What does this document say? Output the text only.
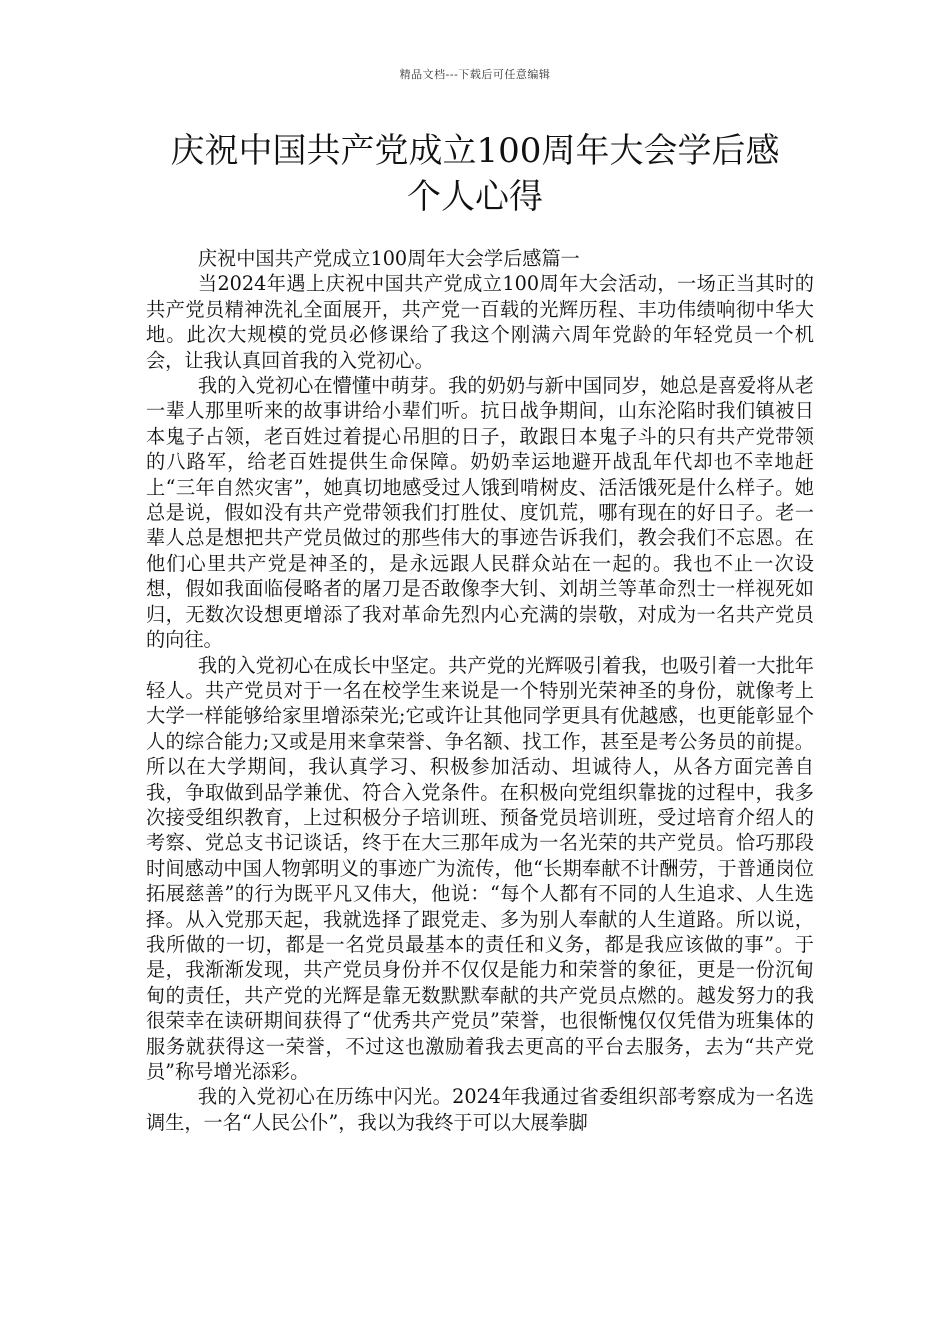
精品文档---下载后可任意编辑
庆祝中国共产党成立100周年大会学后感
个人心得

庆祝中国共产党成立100周年大会学后感篇一

当2024年遇上庆祝中国共产党成立100周年大会活动，一场正当其时的共产党员精神洗礼全面展开，共产党一百载的光辉历程、丰功伟绩响彻中华大地。此次大规模的党员必修课给了我这个刚满六周年党龄的年轻党员一个机会，让我认真回首我的入党初心。

我的入党初心在懵懂中萌芽。我的奶奶与新中国同岁，她总是喜爱将从老一辈人那里听来的故事讲给小辈们听。抗日战争期间，山东沦陷时我们镇被日本鬼子占领，老百姓过着提心吊胆的日子，敢跟日本鬼子斗的只有共产党带领的八路军，给老百姓提供生命保障。奶奶幸运地避开战乱年代却也不幸地赶上“三年自然灾害”，她真切地感受过人饿到啃树皮、活活饿死是什么样子。她总是说，假如没有共产党带领我们打胜仗、度饥荒，哪有现在的好日子。老一辈人总是想把共产党员做过的那些伟大的事迹告诉我们，教会我们不忘恩。在他们心里共产党是神圣的，是永远跟人民群众站在一起的。我也不止一次设想，假如我面临侵略者的屠刀是否敢像李大钊、刘胡兰等革命烈士一样视死如归，无数次设想更增添了我对革命先烈内心充满的崇敬，对成为一名共产党员的向往。

我的入党初心在成长中坚定。共产党的光辉吸引着我，也吸引着一大批年轻人。共产党员对于一名在校学生来说是一个特别光荣神圣的身份，就像考上大学一样能够给家里增添荣光;它或许让其他同学更具有优越感，也更能彰显个人的综合能力;又或是用来拿荣誉、争名额、找工作，甚至是考公务员的前提。所以在大学期间，我认真学习、积极参加活动、坦诚待人，从各方面完善自我，争取做到品学兼优、符合入党条件。在积极向党组织靠拢的过程中，我多次接受组织教育，上过积极分子培训班、预备党员培训班，受过培育介绍人的考察、党总支书记谈话，终于在大三那年成为一名光荣的共产党员。恰巧那段时间感动中国人物郭明义的事迹广为流传，他“长期奉献不计酬劳，于普通岗位拓展慈善”的行为既平凡又伟大，他说：“每个人都有不同的人生追求、人生选择。从入党那天起，我就选择了跟党走、多为别人奉献的人生道路。所以说，我所做的一切，都是一名党员最基本的责任和义务，都是我应该做的事”。于是，我渐渐发现，共产党员身份并不仅仅是能力和荣誉的象征，更是一份沉甸甸的责任，共产党的光辉是靠无数默默奉献的共产党员点燃的。越发努力的我很荣幸在读研期间获得了“优秀共产党员”荣誉，也很惭愧仅仅凭借为班集体的服务就获得这一荣誉，不过这也激励着我去更高的平台去服务，去为“共产党员”称号增光添彩。

我的入党初心在历练中闪光。2024年我通过省委组织部考察成为一名选调生，一名“人民公仆”，我以为我终于可以大展拳脚
